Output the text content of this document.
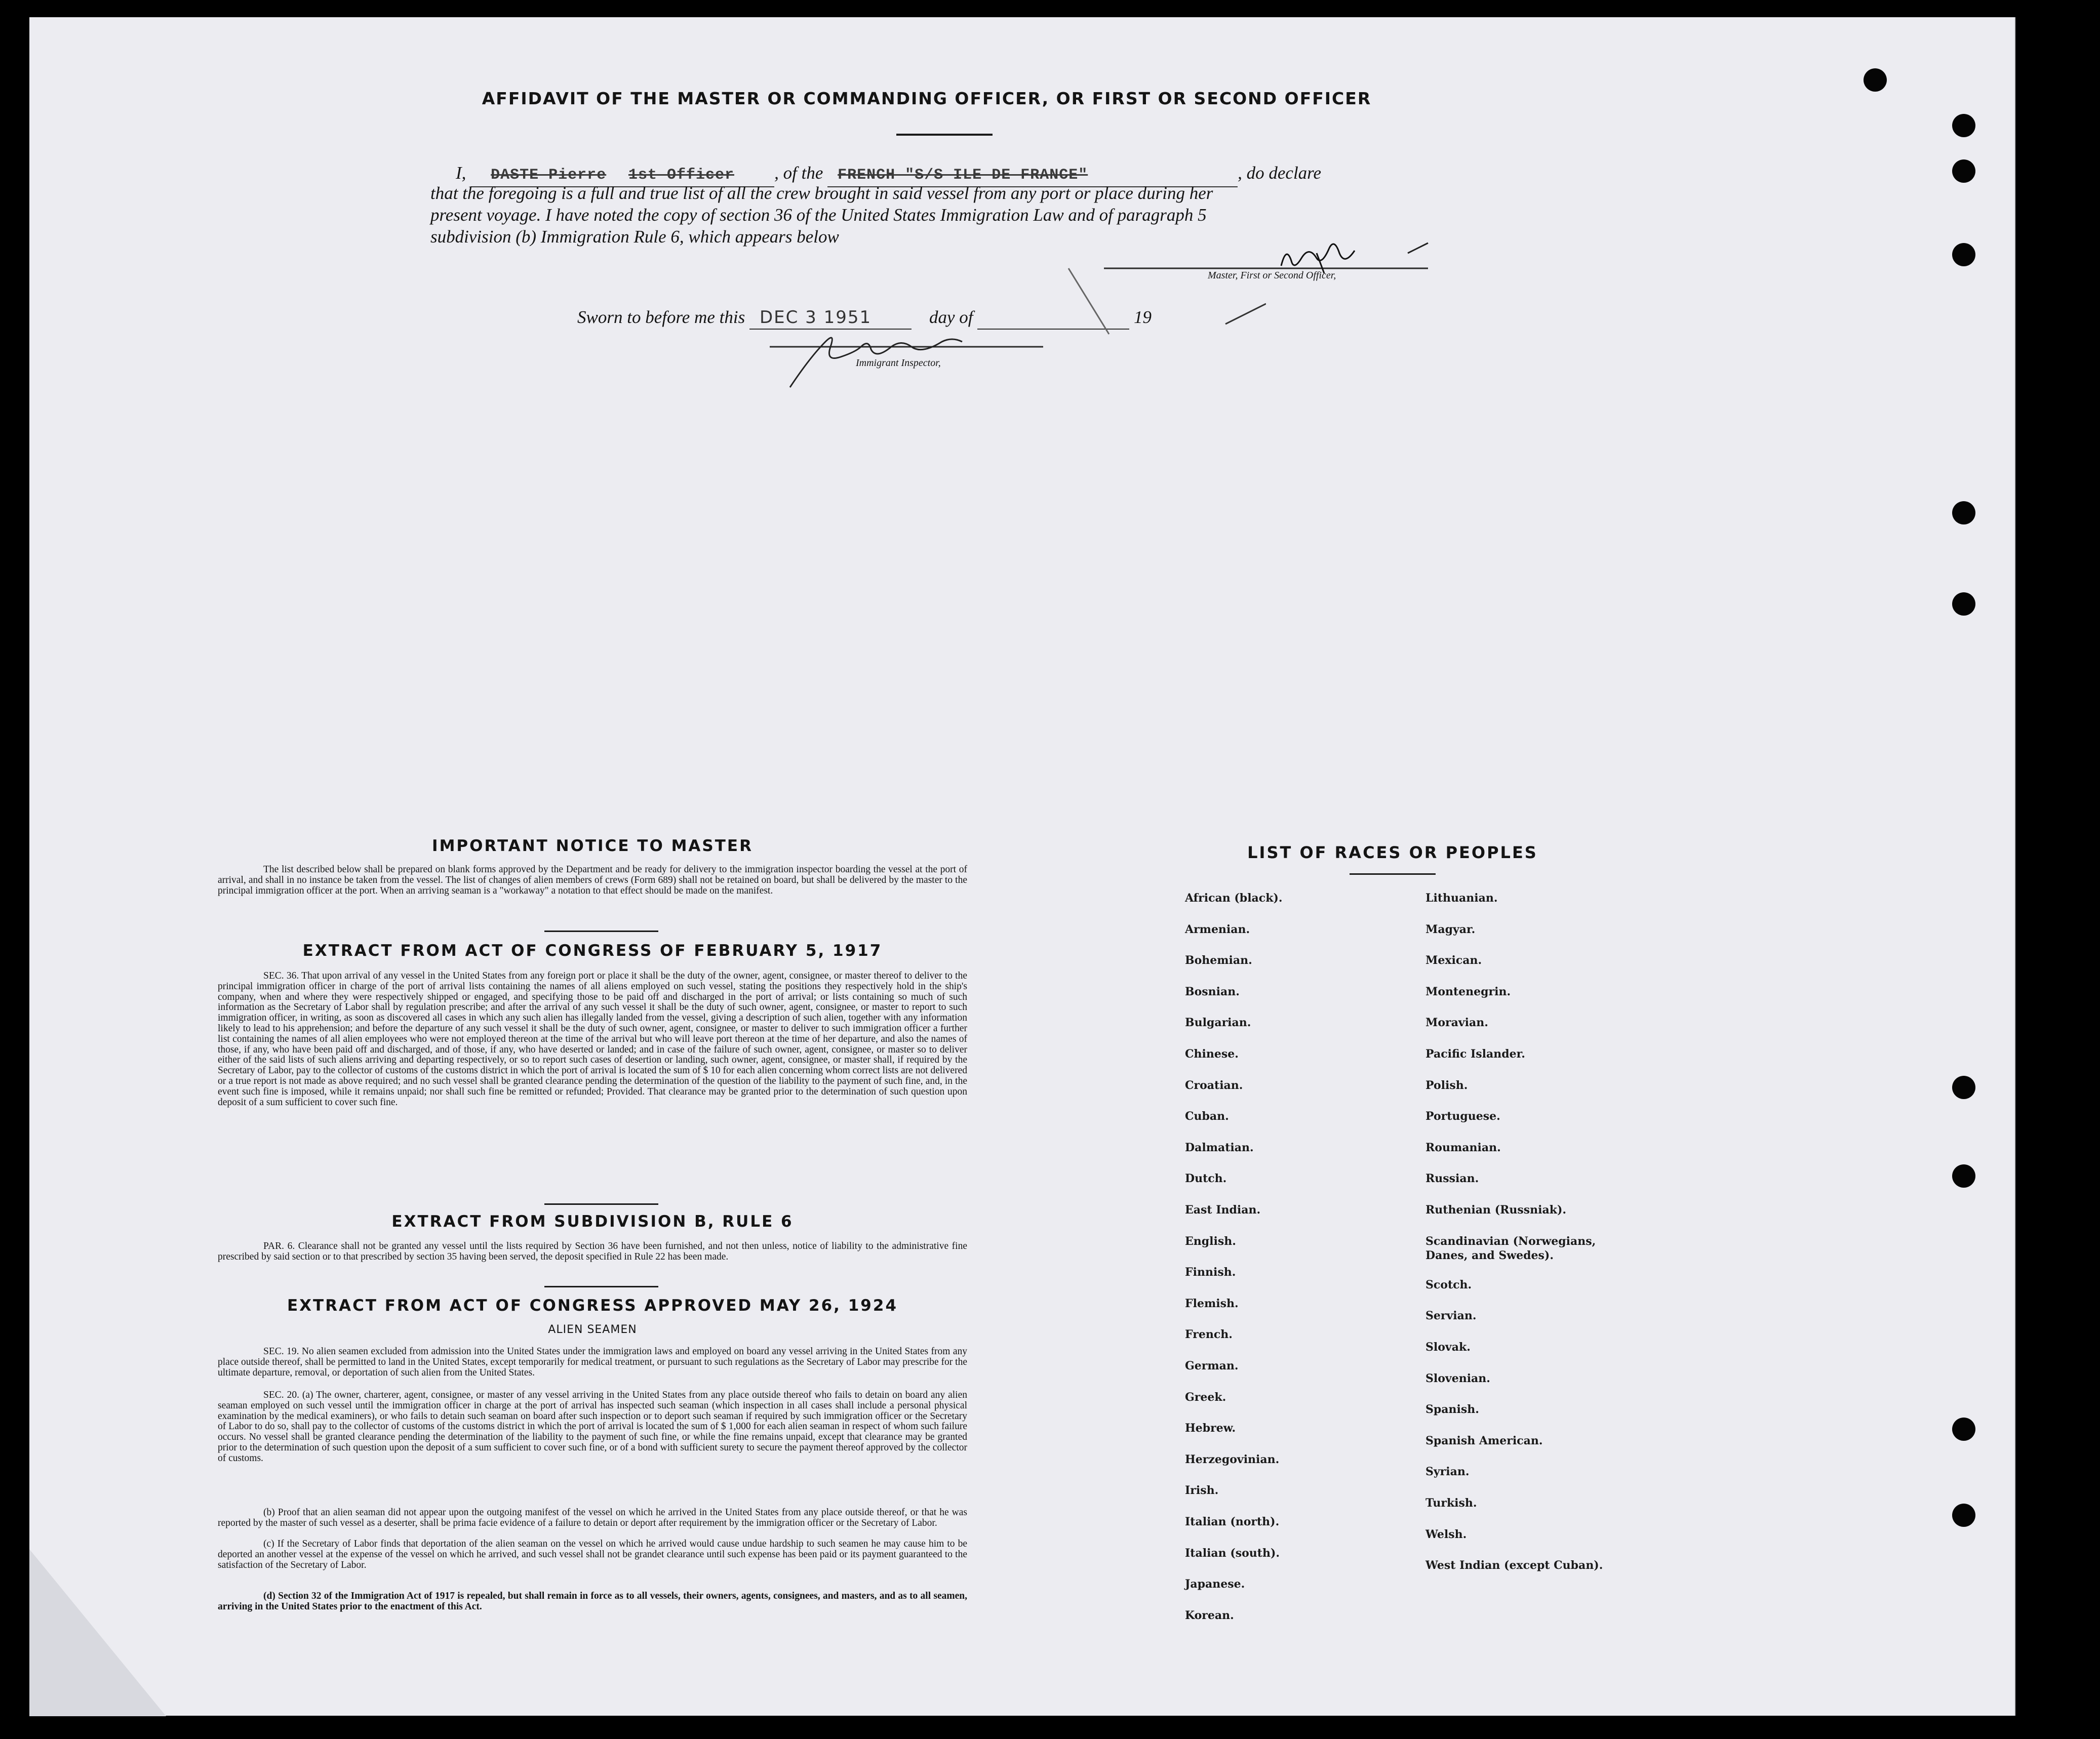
AFFIDAVIT OF THE MASTER OR COMMANDING OFFICER, OR FIRST OR SECOND OFFICER
I, DASTE Pierre 1st Officer , of the FRENCH "S/S ILE DE FRANCE"	, do declare
that the foregoing is a full and true list of all the crew brought in said vessel from any port or place during her
present voyage. I have noted the copy of section 36 of the United States Immigration Law and of paragraph 5
subdivision (b) Immigration Rule 6, which appears below
Master, First or Second Officer,
Sworn to before me this DEC 3 1951	day of	19
Immigrant Inspector,
IMPORTANT NOTICE TO MASTER

The list described below shall be prepared on blank forms approved by the Department and be ready for delivery to the immigration inspector boarding the vessel at the port of arrival, and shall in no instance be taken from the vessel. The list of changes of alien members of crews (Form 689) shall not be retained on board, but shall be delivered by the master to the principal immigration officer at the port. When an arriving seaman is a "workaway" a notation to that effect should be made on the manifest.

EXTRACT FROM ACT OF CONGRESS OF FEBRUARY 5, 1917

SEC. 36. That upon arrival of any vessel in the United States from any foreign port or place it shall be the duty of the owner, agent, consignee, or master thereof to deliver to the principal immigration officer in charge of the port of arrival lists containing the names of all aliens employed on such vessel, stating the positions they respectively hold in the ship's company, when and where they were respectively shipped or engaged, and specifying those to be paid off and discharged in the port of arrival; or lists containing so much of such information as the Secretary of Labor shall by regulation prescribe; and after the arrival of any such vessel it shall be the duty of such owner, agent, consignee, or master to report to such immigration officer, in writing, as soon as discovered all cases in which any such alien has illegally landed from the vessel, giving a description of such alien, together with any information likely to lead to his apprehension; and before the departure of any such vessel it shall be the duty of such owner, agent, consignee, or master to deliver to such immigration officer a further list containing the names of all alien employees who were not employed thereon at the time of the arrival but who will leave port thereon at the time of her departure, and also the names of those, if any, who have been paid off and discharged, and of those, if any, who have deserted or landed; and in case of the failure of such owner, agent, consignee, or master so to deliver either of the said lists of such aliens arriving and departing respectively, or so to report such cases of desertion or landing, such owner, agent, consignee, or master shall, if required by the Secretary of Labor, pay to the collector of customs of the customs district in which the port of arrival is located the sum of $ 10 for each alien concerning whom correct lists are not delivered or a true report is not made as above required; and no such vessel shall be granted clearance pending the determination of the question of the liability to the payment of such fine, and, in the event such fine is imposed, while it remains unpaid; nor shall such fine be remitted or refunded; Provided. That clearance may be granted prior to the determination of such question upon deposit of a sum sufficient to cover such fine.

EXTRACT FROM SUBDIVISION B, RULE 6

PAR. 6. Clearance shall not be granted any vessel until the lists required by Section 36 have been furnished, and not then unless, notice of liability to the administrative fine prescribed by said section or to that prescribed by section 35 having been served, the deposit specified in Rule 22 has been made.

EXTRACT FROM ACT OF CONGRESS APPROVED MAY 26, 1924
ALIEN SEAMEN

SEC. 19. No alien seamen excluded from admission into the United States under the immigration laws and employed on board any vessel arriving in the United States from any place outside thereof, shall be permitted to land in the United States, except temporarily for medical treatment, or pursuant to such regulations as the Secretary of Labor may prescribe for the ultimate departure, removal, or deportation of such alien from the United States.

SEC. 20. (a) The owner, charterer, agent, consignee, or master of any vessel arriving in the United States from any place outside thereof who fails to detain on board any alien seaman employed on such vessel until the immigration officer in charge at the port of arrival has inspected such seaman (which inspection in all cases shall include a personal physical examination by the medical examiners), or who fails to detain such seaman on board after such inspection or to deport such seaman if required by such immigration officer or the Secretary of Labor to do so, shall pay to the collector of customs of the customs district in which the port of arrival is located the sum of $ 1,000 for each alien seaman in respect of whom such failure occurs. No vessel shall be granted clearance pending the determination of the liability to the payment of such fine, or while the fine remains unpaid, except that clearance may be granted prior to the determination of such question upon the deposit of a sum sufficient to cover such fine, or of a bond with sufficient surety to secure the payment thereof approved by the collector of customs.

(b) Proof that an alien seaman did not appear upon the outgoing manifest of the vessel on which he arrived in the United States from any place outside thereof, or that he was reported by the master of such vessel as a deserter, shall be prima facie evidence of a failure to detain or deport after requirement by the immigration officer or the Secretary of Labor.

(c) If the Secretary of Labor finds that deportation of the alien seaman on the vessel on which he arrived would cause undue hardship to such seamen he may cause him to be deported an another vessel at the expense of the vessel on which he arrived, and such vessel shall not be grandet clearance until such expense has been paid or its payment guaranteed to the satisfaction of the Secretary of Labor.

(d) Section 32 of the Immigration Act of 1917 is repealed, but shall remain in force as to all vessels, their owners, agents, consignees, and masters, and as to all seamen, arriving in the United States prior to the enactment of this Act.

LIST OF RACES OR PEOPLES
African (black).
Armenian.
Bohemian.
Bosnian.
Bulgarian.
Chinese.
Croatian.
Cuban.
Dalmatian.
Dutch.
East Indian.
English.
Finnish.
Flemish.
French.
German.
Greek.
Hebrew.
Herzegovinian.
Irish.
Italian (north).
Italian (south).
Japanese.
Korean.
Lithuanian.
Magyar.
Mexican.
Montenegrin.
Moravian.
Pacific Islander.
Polish.
Portuguese.
Roumanian.
Russian.
Ruthenian (Russniak).
Scandinavian (Norwegians, Danes, and Swedes).
Scotch.
Servian.
Slovak.
Slovenian.
Spanish.
Spanish American.
Syrian.
Turkish.
Welsh.
West Indian (except Cuban).
